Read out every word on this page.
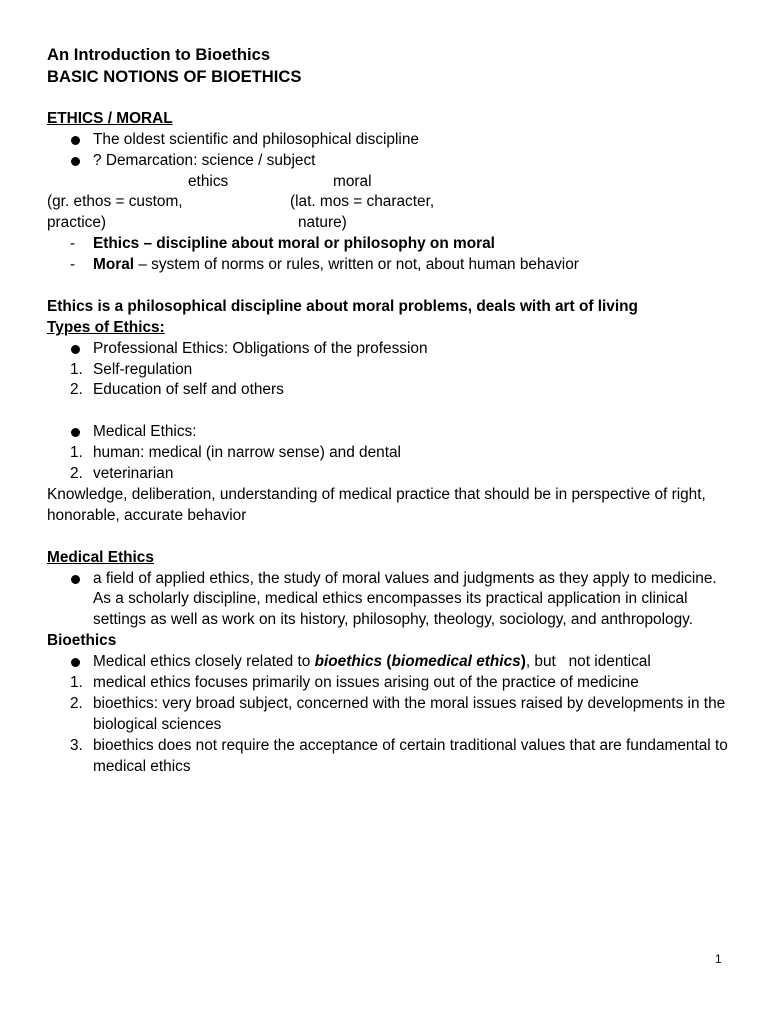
An Introduction to Bioethics
BASIC NOTIONS OF BIOETHICS
ETHICS / MORAL
The oldest scientific and philosophical discipline
? Demarcation: science / subject
ethics	moral
(gr. ethos = custom,	(lat. mos = character,
practice)	nature)
- Ethics – discipline about moral or philosophy on moral
- Moral – system of norms or rules, written or not, about human behavior
Ethics is a philosophical discipline about moral problems, deals with art of living
Types of Ethics:
Professional Ethics: Obligations of the profession
1. Self-regulation
2. Education of self and others
Medical Ethics:
1. human: medical (in narrow sense) and dental
2. veterinarian
Knowledge, deliberation, understanding of medical practice that should be in perspective of right, honorable, accurate behavior
Medical Ethics
a field of applied ethics, the study of moral values and judgments as they apply to medicine. As a scholarly discipline, medical ethics encompasses its practical application in clinical settings as well as work on its history, philosophy, theology, sociology, and anthropology.
Bioethics
Medical ethics closely related to bioethics (biomedical ethics), but   not identical
1. medical ethics focuses primarily on issues arising out of the practice of medicine
2. bioethics: very broad subject, concerned with the moral issues raised by developments in the biological sciences
3. bioethics does not require the acceptance of certain traditional values that are fundamental to medical ethics
1
